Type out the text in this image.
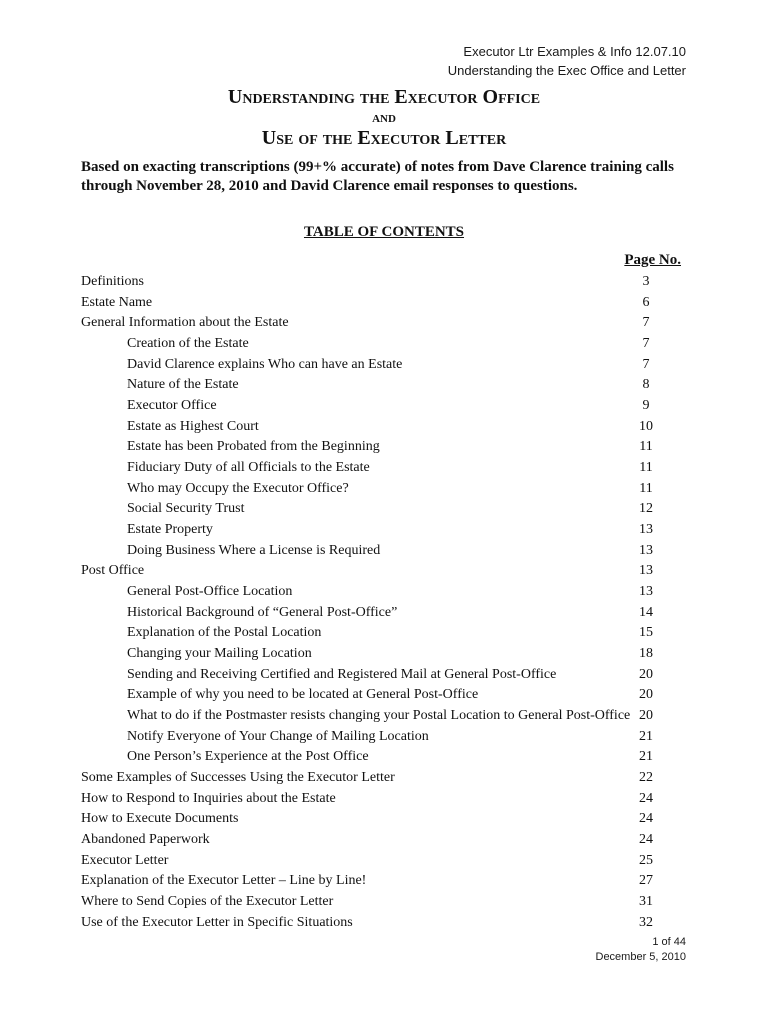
Executor Ltr Examples & Info 12.07.10
Understanding the Exec Office and Letter
Understanding the Executor Office
and
Use of the Executor Letter
Based on exacting transcriptions (99+% accurate) of notes from Dave Clarence training calls through November 28, 2010 and David Clarence email responses to questions.
TABLE OF CONTENTS
Page No.
Definitions	3
Estate Name	6
General Information about the Estate	7
Creation of the Estate	7
David Clarence explains Who can have an Estate	7
Nature of the Estate	8
Executor Office	9
Estate as Highest Court	10
Estate has been Probated from the Beginning	11
Fiduciary Duty of all Officials to the Estate	11
Who may Occupy the Executor Office?	11
Social Security Trust	12
Estate Property	13
Doing Business Where a License is Required	13
Post Office	13
General Post-Office Location	13
Historical Background of “General Post-Office”	14
Explanation of the Postal Location	15
Changing your Mailing Location	18
Sending and Receiving Certified and Registered Mail at General Post-Office	20
Example of why you need to be located at General Post-Office	20
What to do if the Postmaster resists changing your Postal Location to General Post-Office 20
Notify Everyone of Your Change of Mailing Location	21
One Person’s Experience at the Post Office	21
Some Examples of Successes Using the Executor Letter	22
How to Respond to Inquiries about the Estate	24
How to Execute Documents	24
Abandoned Paperwork	24
Executor Letter	25
Explanation of the Executor Letter – Line by Line!	27
Where to Send Copies of the Executor Letter	31
Use of the Executor Letter in Specific Situations	32
1 of 44
December 5, 2010
